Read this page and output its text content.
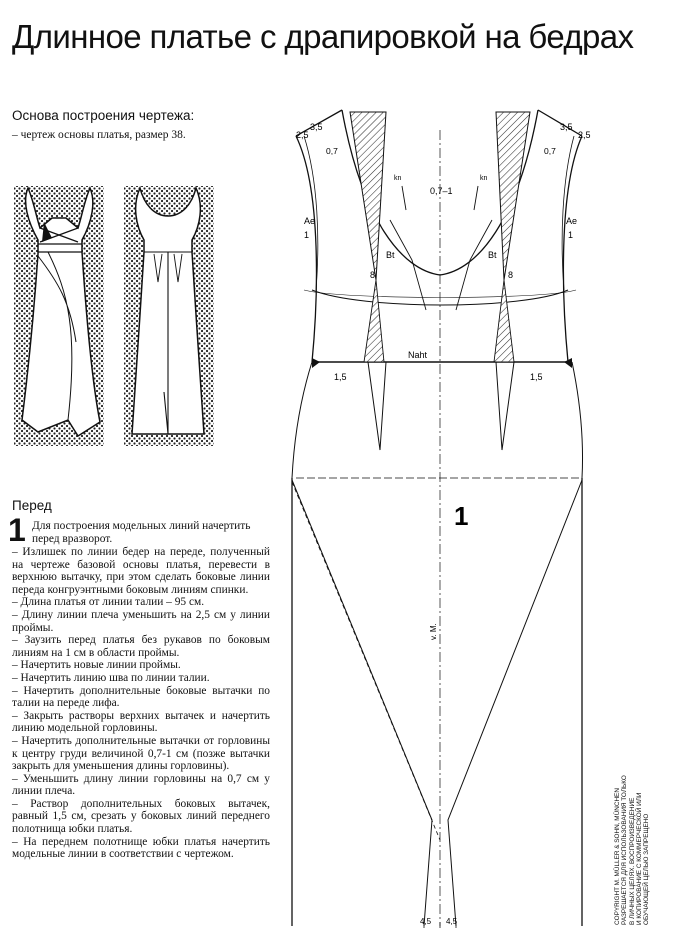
Длинное платье с драпировкой на бедрах
Основа построения чертежа:
– чертеж основы платья, размер 38.
Перед
1 Для построения модельных линий начертить перед вразворот.

– Излишек по линии бедер на переде, полученный на чертеже базовой основы платья, перевести в верхнюю вытачку, при этом сделать боковые линии переда конгруэнтными боковым линиям спинки.

– Длина платья от линии талии – 95 см.

– Длину линии плеча уменьшить на 2,5 см у линии проймы.

– Заузить перед платья без рукавов по боковым линиям на 1 см в области проймы.

– Начертить новые линии проймы.

– Начертить линию шва по линии талии.

– Начертить дополнительные боковые вытачки по талии на переде лифа.

– Закрыть растворы верхних вытачек и начертить линию модельной горловины.

– Начертить дополнительные вытачки от горловины к центру груди величиной 0,7-1 см (позже вытачки закрыть для уменьшения длины горловины).

– Уменьшить длину линии горловины на 0,7 см у линии плеча.

– Раствор дополнительных боковых вытачек, равный 1,5 см, срезать у боковых линий переднего полотнища юбки платья.

– На переднем полотнище юбки платья начертить модельные линии в соответствии с чертежом.

2,5
3,5	3,5
2,5
0,7	0,7
0,7–1
Ae	Ae
1	1
Bt	Bt
8	8
kn	kn
Naht
1,5	1,5
1
v. M.
4,5 4,5	COPYRIGHT M. MÜLLER & SOHN, MÜNCHEN РАЗРЕШАЕТСЯ ДЛЯ ИСПОЛЬЗОВАНИЯ ТОЛЬКО В ЛИЧНЫХ ЦЕЛЯХ. ВОСПРОИЗВЕДЕНИЕ И КОПИРОВАНИЕ С КОММЕРЧЕСКОЙ ИЛИ ОБУЧАЮЩЕЙ ЦЕЛЬЮ ЗАПРЕЩЕНО
